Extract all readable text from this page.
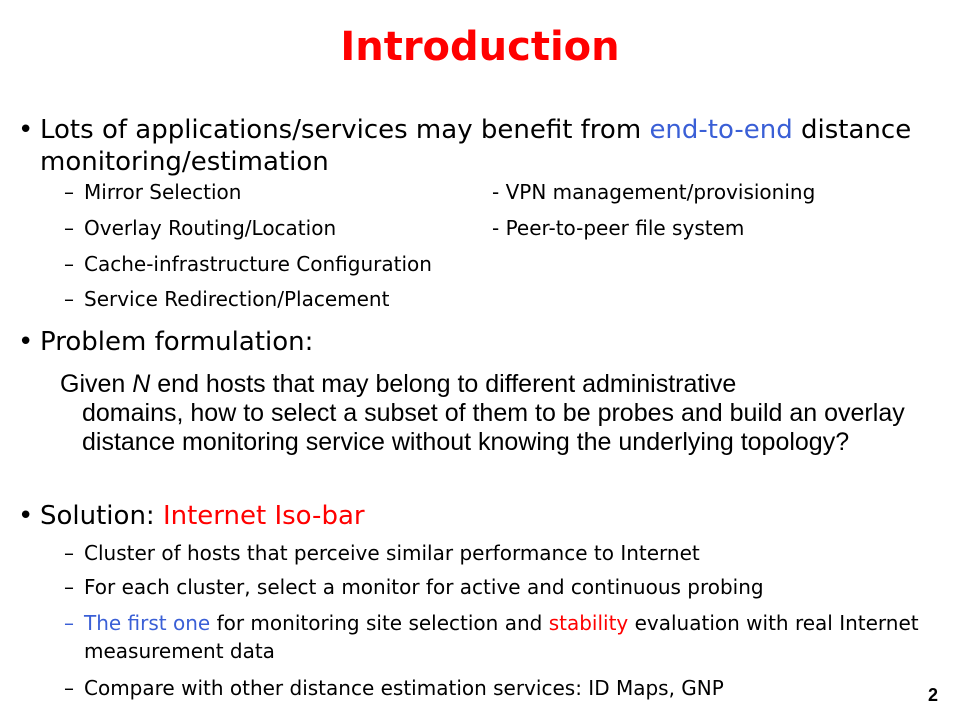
Introduction
• Lots of applications/services may benefit from end-to-end distance monitoring/estimation
– Mirror Selection	- VPN management/provisioning
– Overlay Routing/Location	- Peer-to-peer file system
– Cache-infrastructure Configuration
– Service Redirection/Placement
• Problem formulation:
Given N end hosts that may belong to different administrative
domains, how to select a subset of them to be probes and build an overlay distance monitoring service without knowing the underlying topology?
• Solution: Internet Iso-bar
– Cluster of hosts that perceive similar performance to Internet
– For each cluster, select a monitor for active and continuous probing
– The first one for monitoring site selection and stability evaluation with real Internet measurement data
– Compare with other distance estimation services: ID Maps, GNP	2
